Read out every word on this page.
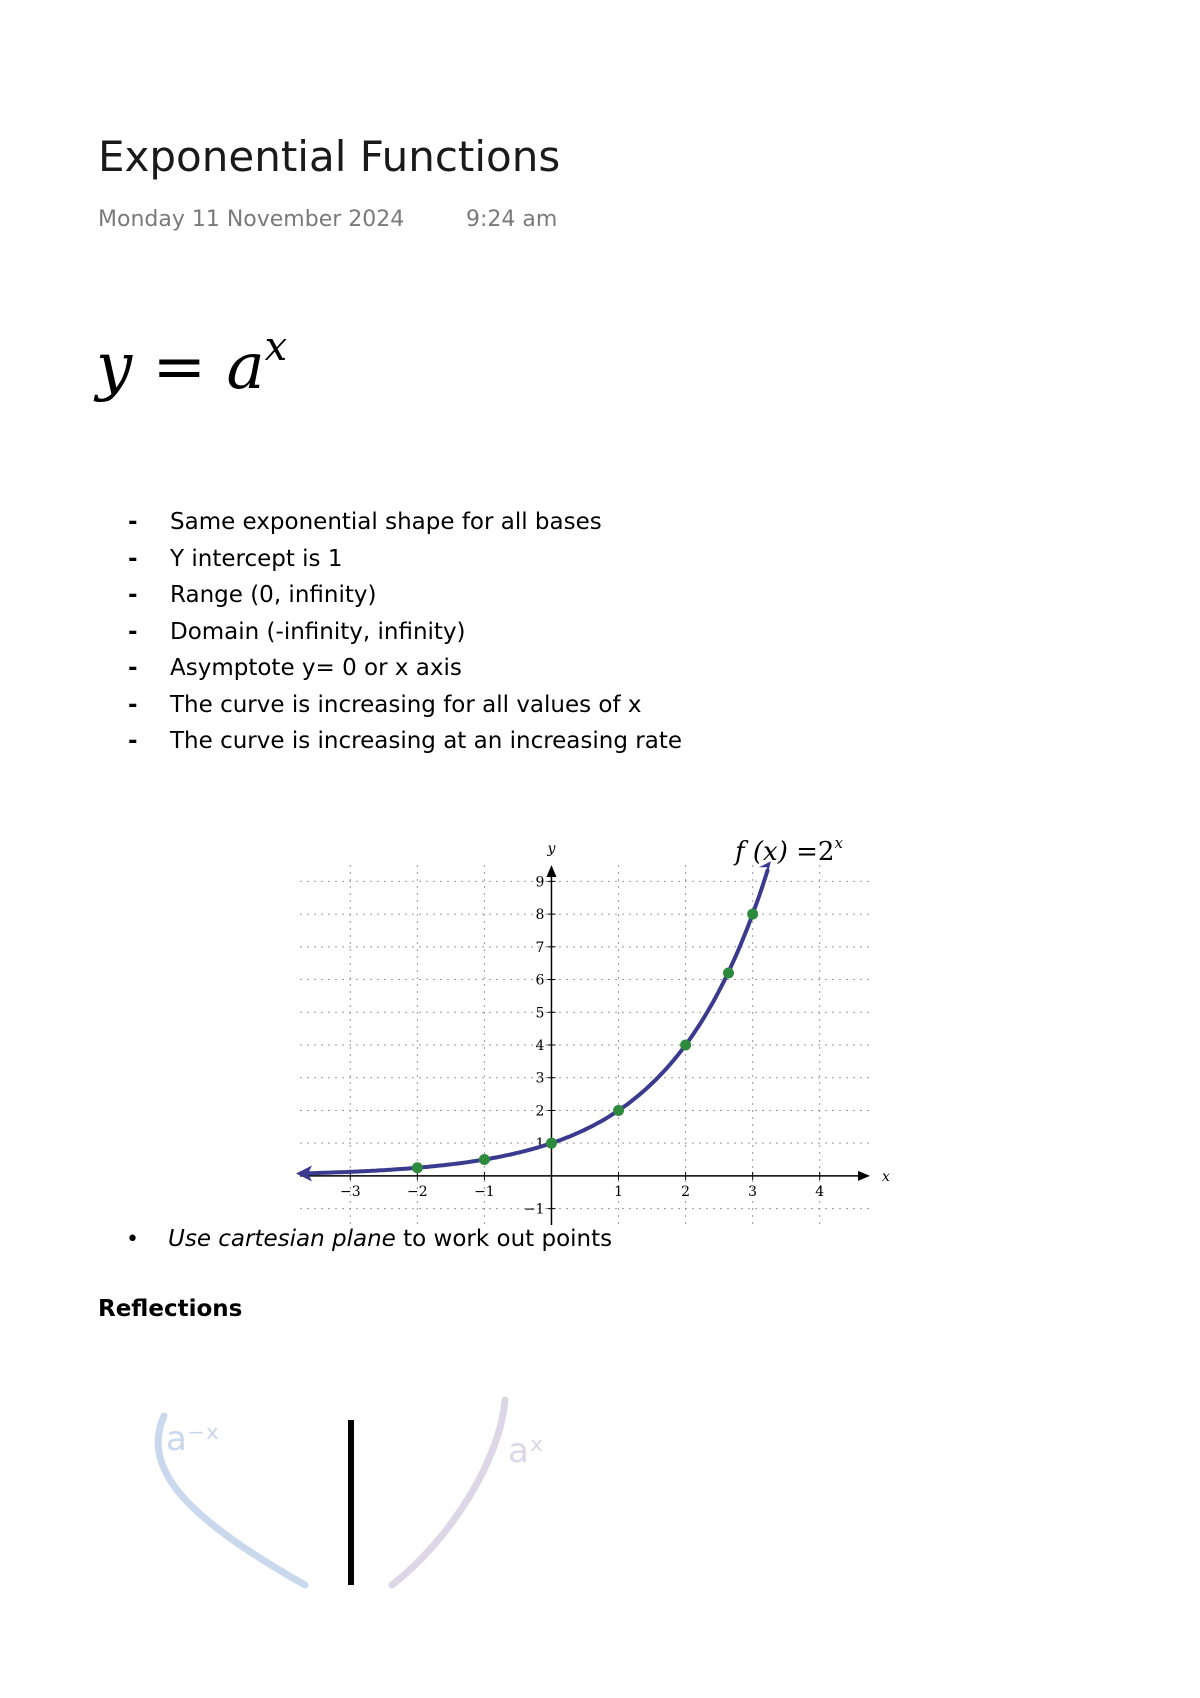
Exponential Functions
Monday 11 November 2024	9:24 am
$y = a^x$
-	Same exponential shape for all bases
-	Y intercept is 1
-	Range (0, infinity)
-	Domain (-infinity, infinity)
-	Asymptote y= 0 or x axis
-	The curve is increasing for all values of x
-	The curve is increasing at an increasing rate
−3	−2	−1	1	2	3	4
−1
1
2
3
4
5
6
7
8
9
f $(x) =2^x$
x
y
•	Use cartesian plane to work out points
Reflections
a⁻ˣ	aˣ
